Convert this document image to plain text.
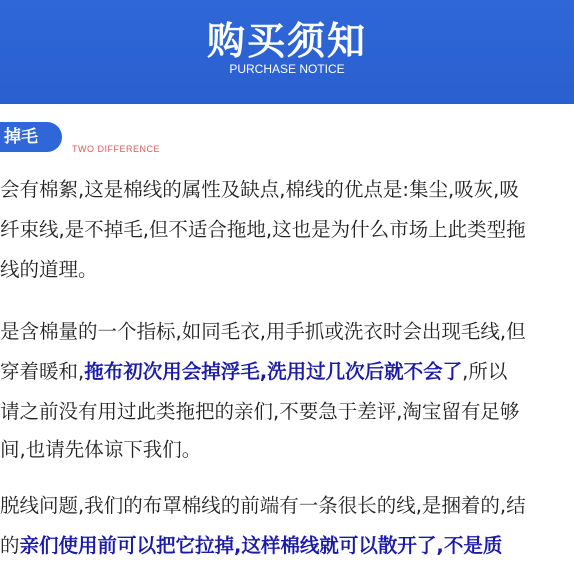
购买须知
PURCHASE NOTICE
掉毛
TWO DIFFERENCE
会有棉絮,这是棉线的属性及缺点,棉线的优点是:集尘,吸灰,吸
纤束线,是不掉毛,但不适合拖地,这也是为什么市场上此类型拖
线的道理。
是含棉量的一个指标,如同毛衣,用手抓或洗衣时会出现毛线,但
穿着暖和,拖布初次用会掉浮毛,洗用过几次后就不会了,所以
请之前没有用过此类拖把的亲们,不要急于差评,淘宝留有足够
间,也请先体谅下我们。
脱线问题,我们的布罩棉线的前端有一条很长的线,是捆着的,结
的亲们使用前可以把它拉掉,这样棉线就可以散开了,不是质
